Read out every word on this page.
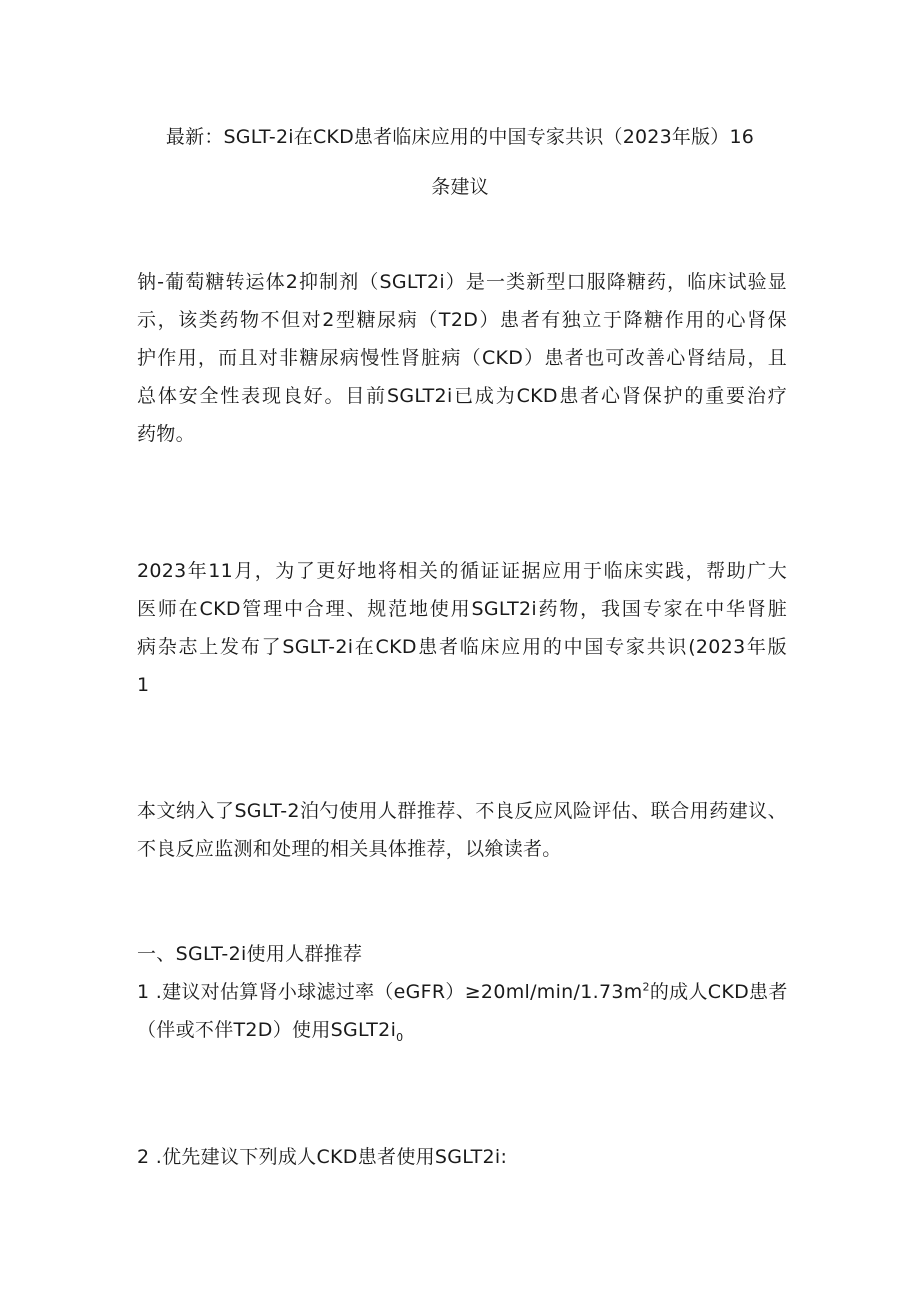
最新：SGLT-2i在CKD患者临床应用的中国专家共识（2023年版）16
条建议
钠-葡萄糖转运体2抑制剂（SGLT2i）是一类新型口服降糖药，临床试验显
示，该类药物不但对2型糖尿病（T2D）患者有独立于降糖作用的心肾保
护作用，而且对非糖尿病慢性肾脏病（CKD）患者也可改善心肾结局，且
总体安全性表现良好。目前SGLT2i已成为CKD患者心肾保护的重要治疗
药物。
2023年11月，为了更好地将相关的循证证据应用于临床实践，帮助广大
医师在CKD管理中合理、规范地使用SGLT2i药物，我国专家在中华肾脏
病杂志上发布了SGLT-2i在CKD患者临床应用的中国专家共识(2023年版
1
本文纳入了SGLT-2泊勺使用人群推荐、不良反应风险评估、联合用药建议、
不良反应监测和处理的相关具体推荐，以飨读者。
一、SGLT-2i使用人群推荐
1 .建议对估算肾小球滤过率$(eGFR)\ge 20ml/\min/1.73m^2$的成人CKD患者
（伴或不伴T2D）使用$SGLT2i_0$
2 .优先建议下列成人CKD患者使用SGLT2i:
